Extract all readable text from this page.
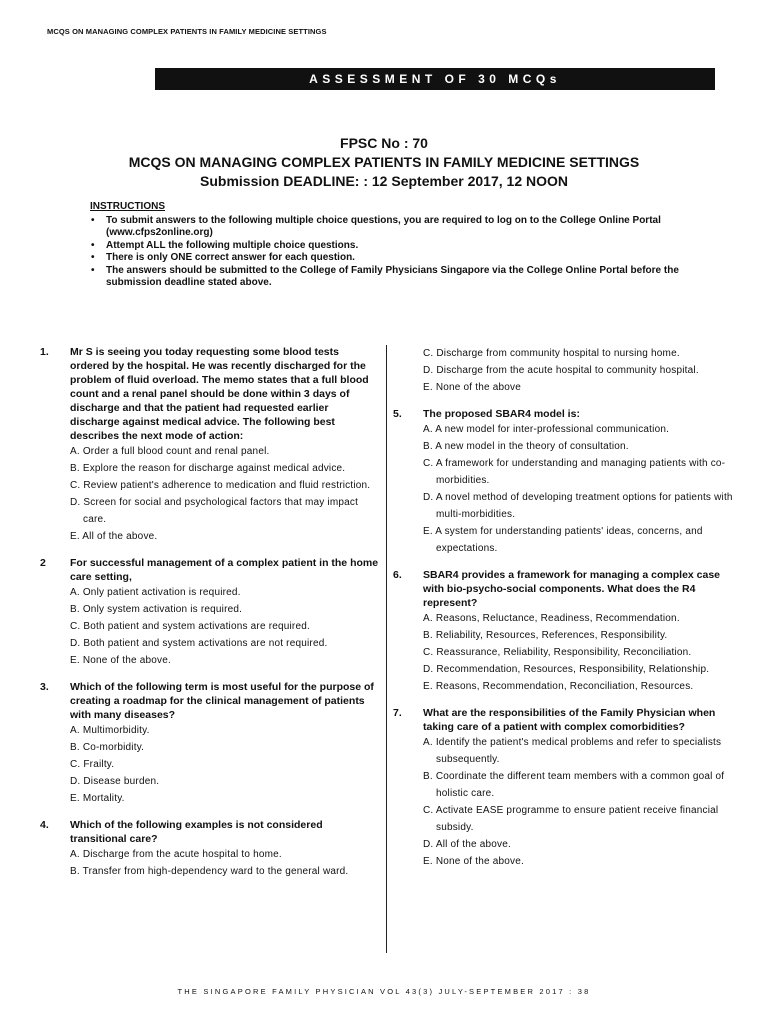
MCQS ON MANAGING COMPLEX PATIENTS IN FAMILY MEDICINE SETTINGS
ASSESSMENT OF 30 MCQs
FPSC No : 70
MCQS ON MANAGING COMPLEX PATIENTS IN FAMILY MEDICINE SETTINGS
Submission DEADLINE: : 12 September 2017, 12 NOON
INSTRUCTIONS
• To submit answers to the following multiple choice questions, you are required to log on to the College Online Portal (www.cfps2online.org)
• Attempt ALL the following multiple choice questions.
• There is only ONE correct answer for each question.
• The answers should be submitted to the College of Family Physicians Singapore via the College Online Portal before the submission deadline stated above.
1.	Mr S is seeing you today requesting some blood tests ordered by the hospital. He was recently discharged for the problem of fluid overload. The memo states that a full blood count and a renal panel should be done within 3 days of discharge and that the patient had requested earlier discharge against medical advice. The following best describes the next mode of action:
A. Order a full blood count and renal panel.
B. Explore the reason for discharge against medical advice.
C. Review patient's adherence to medication and fluid restriction.
D. Screen for social and psychological factors that may impact care.
E. All of the above.
2	For successful management of a complex patient in the home care setting,
A. Only patient activation is required.
B. Only system activation is required.
C. Both patient and system activations are required.
D. Both patient and system activations are not required.
E. None of the above.
3.	Which of the following term is most useful for the purpose of creating a roadmap for the clinical management of patients with many diseases?
A. Multimorbidity.
B. Co-morbidity.
C. Frailty.
D. Disease burden.
E. Mortality.
4.	Which of the following examples is not considered transitional care?
A. Discharge from the acute hospital to home.
B. Transfer from high-dependency ward to the general ward.
C. Discharge from community hospital to nursing home.
D. Discharge from the acute hospital to community hospital.
E. None of the above
5.	The proposed SBAR4 model is:
A. A new model for inter-professional communication.
B. A new model in the theory of consultation.
C. A framework for understanding and managing patients with co-morbidities.
D. A novel method of developing treatment options for patients with multi-morbidities.
E. A system for understanding patients' ideas, concerns, and expectations.
6.	SBAR4 provides a framework for managing a complex case with bio-psycho-social components. What does the R4 represent?
A. Reasons, Reluctance, Readiness, Recommendation.
B. Reliability, Resources, References, Responsibility.
C. Reassurance, Reliability, Responsibility, Reconciliation.
D. Recommendation, Resources, Responsibility, Relationship.
E. Reasons, Recommendation, Reconciliation, Resources.
7.	What are the responsibilities of the Family Physician when taking care of a patient with complex comorbidities?
A. Identify the patient's medical problems and refer to specialists subsequently.
B. Coordinate the different team members with a common goal of holistic care.
C. Activate EASE programme to ensure patient receive financial subsidy.
D. All of the above.
E. None of the above.
THE SINGAPORE FAMILY PHYSICIAN VOL 43(3) JULY-SEPTEMBER 2017 : 38
